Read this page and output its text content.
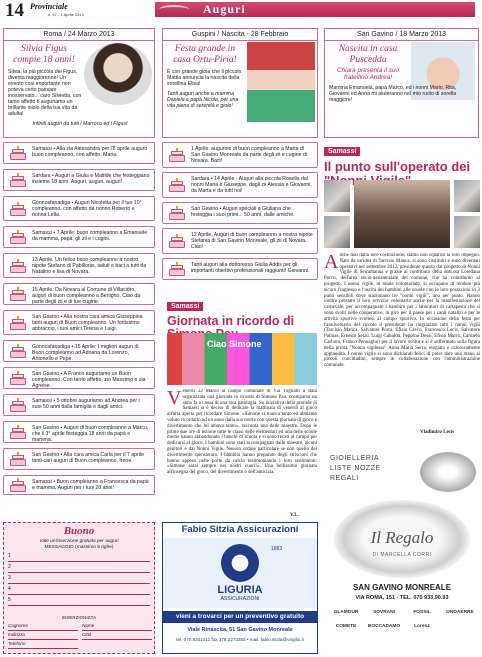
14 Provinciale
n. 67 - 1 Aprile 2013	Auguri
Roma / 24 Marzo 2013
Silvia Figus compie 18 anni!
Silvia, la più piccola dei Figus, diventa maggiorenne! Un evento così importante non poteva certo passare inosservato... caro Silvietta, con tanto affetto ti auguriamo un brillante inizio della tua vita da adulta!
Infiniti auguri da tutti i Marroco ed i Figus!
Guspini / Nascita - 28 Febbraio
Festa grande in casa Ortu-Piria!
È con grande gioia che il piccolo Mattia annuncia la nascita della sorellina Elisa!
Tanti auguri anche a mamma Daniela e papà Nicola, per una vita piena di serenità e gioie!
San Gavino / 18 Marzo 2013
Nascita in casa Pusceddu
Chiara presenta il suo fratellino Andrea!
Mamma Emanuela, papà Marco, ed i nonni Mario, Rita, Giovanni ed Anna mi aiuteranno nel mio ruolo di sorella maggiore!
Samassi • Alla zia Alessandra per l'8 aprile auguro buon compleanno, con affetto, Maria.
Sardara • Auguri a Giulia e Matilde che festeggiano insieme 18 anni. Auguri, auguri, auguri!
Gonnosfanadiga • Auguri Nicoletta per il tuo 10° compleanno, con affetto da nonno Roberto e nonna Lella.
Samassi • 7 Aprile: buon compleanno a Emanuele da mamma, papà, gli zii e i cugini.
13 Aprile. Un felice buon compleanno a nostro nipote Stefano di Pabillonis, saluti e baci a tutti da Natalino e lisa di Novara.
15 Aprile. Da Novara al Comune di Villacidro, auguri di buon compleanno a Benigno. Ciao da parte degli zii e di tue cugine.
San Gavino • Alla nostra cara amica Giuseppina tanti auguri di Buon compleanno. Un fortissimo abbraccio, i tuoi amici Teresa e Luigi.
Gonnosfanadiga • 15 Aprile: I migliori auguri di Buon compleanno ad Adriana da Lorenzo, Antonello e Pepe.
San Gavino • A Franco auguriamo un Buon compleanno. Con tanto affetto, zio Massimo e zia Agnese.
Samassi • 5 ottobre auguriamo ad Andrea per i suoi 50 anni dalla famiglia e dagli amici.
San Gavino • Auguri di buon compleanno a Marco, che il 3° aprile festeggia 18 anni da papà e mamma.
San Gavino • Alla cara amica Carla per il 7 aprile tanti-cari auguri di Buon compleanno. Irene.
Samassi • Buon compleanno a Francesca da papà e mamma, Auguri per i tuoi 20 anni!
1 Aprile: auguroni di buon compleanno a Marta di San Gavino Monreale da parte degli zii e cugine di Novara. Baci!
Sardara • 14 Aprile - Auguri alla piccola Rosella dai nonni Maria e Giuseppe, dagli zii Alessia e Giovanni, da Marta e da tutti noi!
San Gavino • Auguri speciali a Giuliana che festeggia i suoi primi... 50 anni, dalle amiche.
12 Aprile. Auguri di buon compleanno a nostra nipote Stefania di San Gavino Monreale, gli zii di Novara. Ciao!
Tanti auguri alla dottoressa Giulia Addis per gli importanti obiettivi professionali raggiunti! Giovanni.
Samassi
Giornata in ricordo di
Ciao Simone
Venerdì 22 Marzo al campo comunale di Via Togliatti a stata organizzata una giornata in ricordo di Simone Pau, scomparso un anno fa a causa di una rara patologia. Su iniziativa della pronide di Samassi si è deciso di dedicare la mattinata di venerdì al gioco all'aria aperta per ricordare Simone. «Simone ci manca tanto ed abbiamo voluto ricordarlo ad un anno dalla sua morte con questa giornata di gioco e divertimento che lui amava tanto», racconta una delle maestre. Dopo le prime due ore di lezione tutte le classi delle elementari ed una delle scuole medie hanno abbandonato i banchi di scuola e si sono recati al campo per dedicarsi al gioco. I bambini sono stati accompagnati dalle maestre, alcuni genitori e dai Nonni Vigile. Nessun ordine particolare se non quello del divertimento spensierato. I bambini hanno preparato degli striscioni che hanno appeso nelle porte da calcio testimoniando i loro sentimenti: «Simone sarai sempre nei nostri cuori!». Una bellissima giornata all'insegna del gioco, del divertimento e dell'amicizia.
V.L.
Samassi
Il punto sull'operato dei
Anche mai dalla loro costituzione, siamo non squarito la loro impegno. Nato da un'idea di Tarcisio Manca, si sono costituiti e sono diventati operativi nel settembre 2012, presidente questo dal progetto di Nonni Vigile di Serramanna e grazie al contributo della dott.ssa Loredana Porcu, dell'area socio-assistenziale del comune, che ha contribuito al progetto. I nonni vigile, in totale volontariato, si occupano di rendere più sicuro l'ingresso e l'uscita dei bambini alle scuole con le loro postazioni in 3 punti sensibili dove stazionano tre "nonni vigili", uno per punto. Hanno inoltre prestato il loro servizio volontario anche per la manifestazione del carnevale, per accompagnare i bambini per i laboratori di cartapesta che si sono svolti nelle cooperative, in giro per il paese per i canti natalizi e per le attività sportive svoltesi al campo sportivo. In occasione della festa per l'anniversario del circolo il presidente ha ringraziato tutti i nonni vigili (Tarcisio Manca, Salvatore Porta, Efisio Greco, Francesco Lecis, Salvatore Palmas, Ernesto Setzu, Luigi Cabiddu, Peppino Dessì, Efisio Murru, Carmelo Carboni, Franco Pennaglio) per il lavoro svolto e si è soffermato sulla figura della prima "Nonna vigilessa" Anna Maria Serra, elogiata e calorosamente applaudita. I nonni vigile si sono dichiarati felici di poter dare una mano ai piccoli concittadini, sempre in collaborazione con l'amministrazione comunale.
Vladimiro Lecis
Buono
Vale un'inserzione gratuita per auguri
MESSAGGIO (massimo 5 righe)
1
2
3
4
5
INSERZIONISTA
Cognome	Nome
Indirizzo	Città
Telefono
Fabio Sitzia Assicurazioni
1883
LIGURIA
ASSICURAZIONI
vieni a trovarci per un preventivo gratuito
Viale Rinascita, 51 San Gavino Monreale
tel. 070.9341411 fax 178.2273255 • mail: fabio.sitzia@virgilio.it
GIOIELLERIA
LISTE NOZZE
REGALI
Il Regalo
DI MARCELLA CORRI
SAN GAVINO MONREALE
VIA ROMA, 151 - TEL. 070 933.90.93
GLAMOUR	SOVRANI	FOSSIL	UNOAERRE
COMETE	BOCCADAMO	Lorenz
